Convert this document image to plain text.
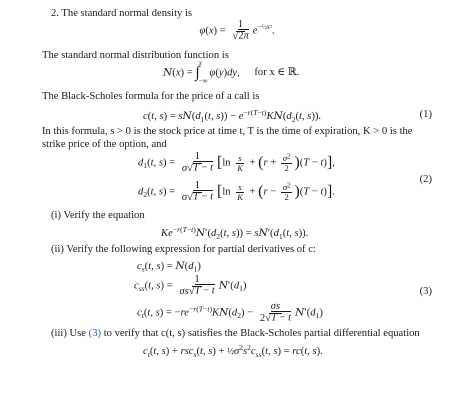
2. The standard normal density is
$\varphi(x) = \frac{1}{√2\pi} e^{-\frac{1}{2}x^2}$.
The standard normal distribution function is
N(x) = ∫
x
−∞
φ(y)dy, for x ∈ ℝ.
The Black-Scholes formula for the price of a call is
c(t, $s) = sN(d_1(t$, $s)) - e^{-r(T-t)}KN(d_2(t$, s)).	(1)
In this formula, s > 0 is the stock price at time t, T is the time of expiration, K > 0 is the
strike price of the option, and
$d_1(t$, $s) = \frac{1}{\sigma√T - t} [\ln \frac{s}{K} + (r + \frac{\sigma^2}{2} )(T - t)]$,
$d_2(t$, $s) = \frac{1}{\sigma√T - t} [\ln \frac{s}{K} + (r - \frac{\sigma^2}{2} )(T - t)]$.
(2)
(i) Verify the equation
$Ke^{-r(T-t)}N'(d_2(t$, $s)) = sN'(d_1(t$, s)).
(ii) Verify the following expression for partial derivatives of c:
$c_s(t$, $s) = N(d_1)$
$c_{ss}(t$, $s) = \frac{1}{\sigma s√T - t} N'(d_1)$
$c_t(t$, $s) = -re^{-r(T-t)}KN(d_2) - \frac{\sigma s}{2√T - t} N'(d_1)$
(3)
(iii) Use (3) to verify that c(t, s) satisfies the Black-Scholes partial differential equation
$c_t(t$, s) + rsc$_s$(t, $s) + \frac{1}{2}\sigma^2s^2c_{ss}(t$, s) = rc(t, s).
